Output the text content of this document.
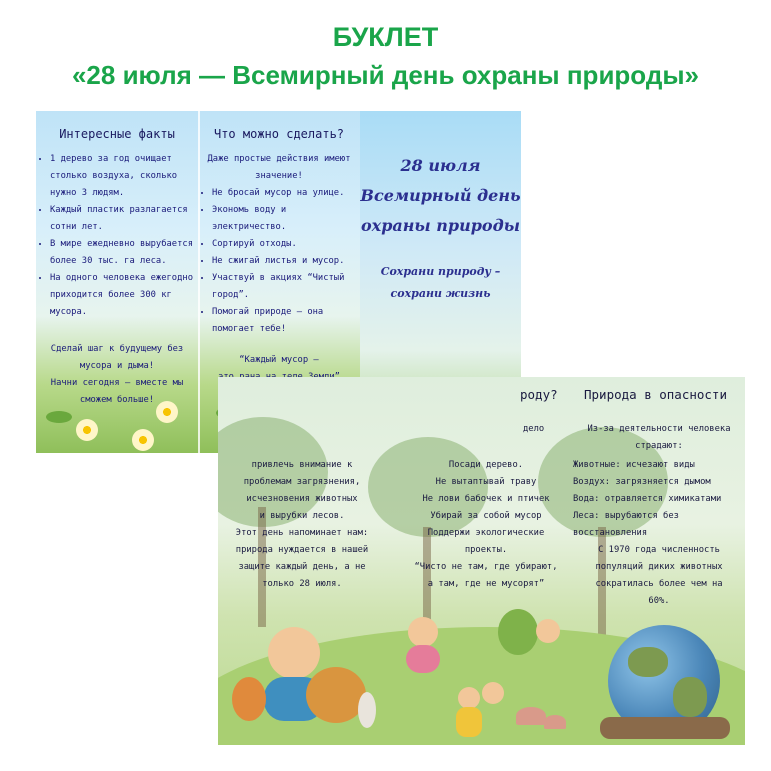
БУКЛЕТ
«28 июля — Всемирный день охраны природы»
Интересные факты
• 1 дерево за год очищает столько воздуха, сколько нужно 3 людям.
• Каждый пластик разлагается сотни лет.
• В мире ежедневно вырубается более 30 тыс. га леса.
• На одного человека ежегодно приходится более 300 кг мусора.
Сделай шаг к будущему без
мусора и дыма!
Начни сегодня – вместе мы
сможем больше!
Что можно сделать?
Даже простые действия имеют
значение!
• Не бросай мусор на улице.
• Экономь воду и электричество.
• Сортируй отходы.
• Не сжигай листья и мусор.
• Участвуй в акциях “Чистый город”.
• Помогай природе – она помогает тебе!
“Каждый мусор –
28 июля
Всемирный день
охраны природы
Сохрани природу –
сохрани жизнь
дело
привлечь внимание к
проблемам загрязнения,
исчезновения животных
и вырубки лесов.
Этот день напоминает нам:
природа нуждается в нашей
защите каждый день, а не
только 28 июля.
роду?
Посади дерево.
Не вытаптывай траву
Не лови бабочек и птичек
Убирай за собой мусор
Поддержи экологические
проекты.
“Чисто не там, где убирают,
а там, где не мусорят”
Природа в опасности
Из-за деятельности человека
страдают:
Животные: исчезают виды
Воздух: загрязняется дымом
Вода: отравляется химикатами
Леса: вырубаются без
восстановления
С 1970 года численность
популяций диких животных
сократилась более чем на
60%.
